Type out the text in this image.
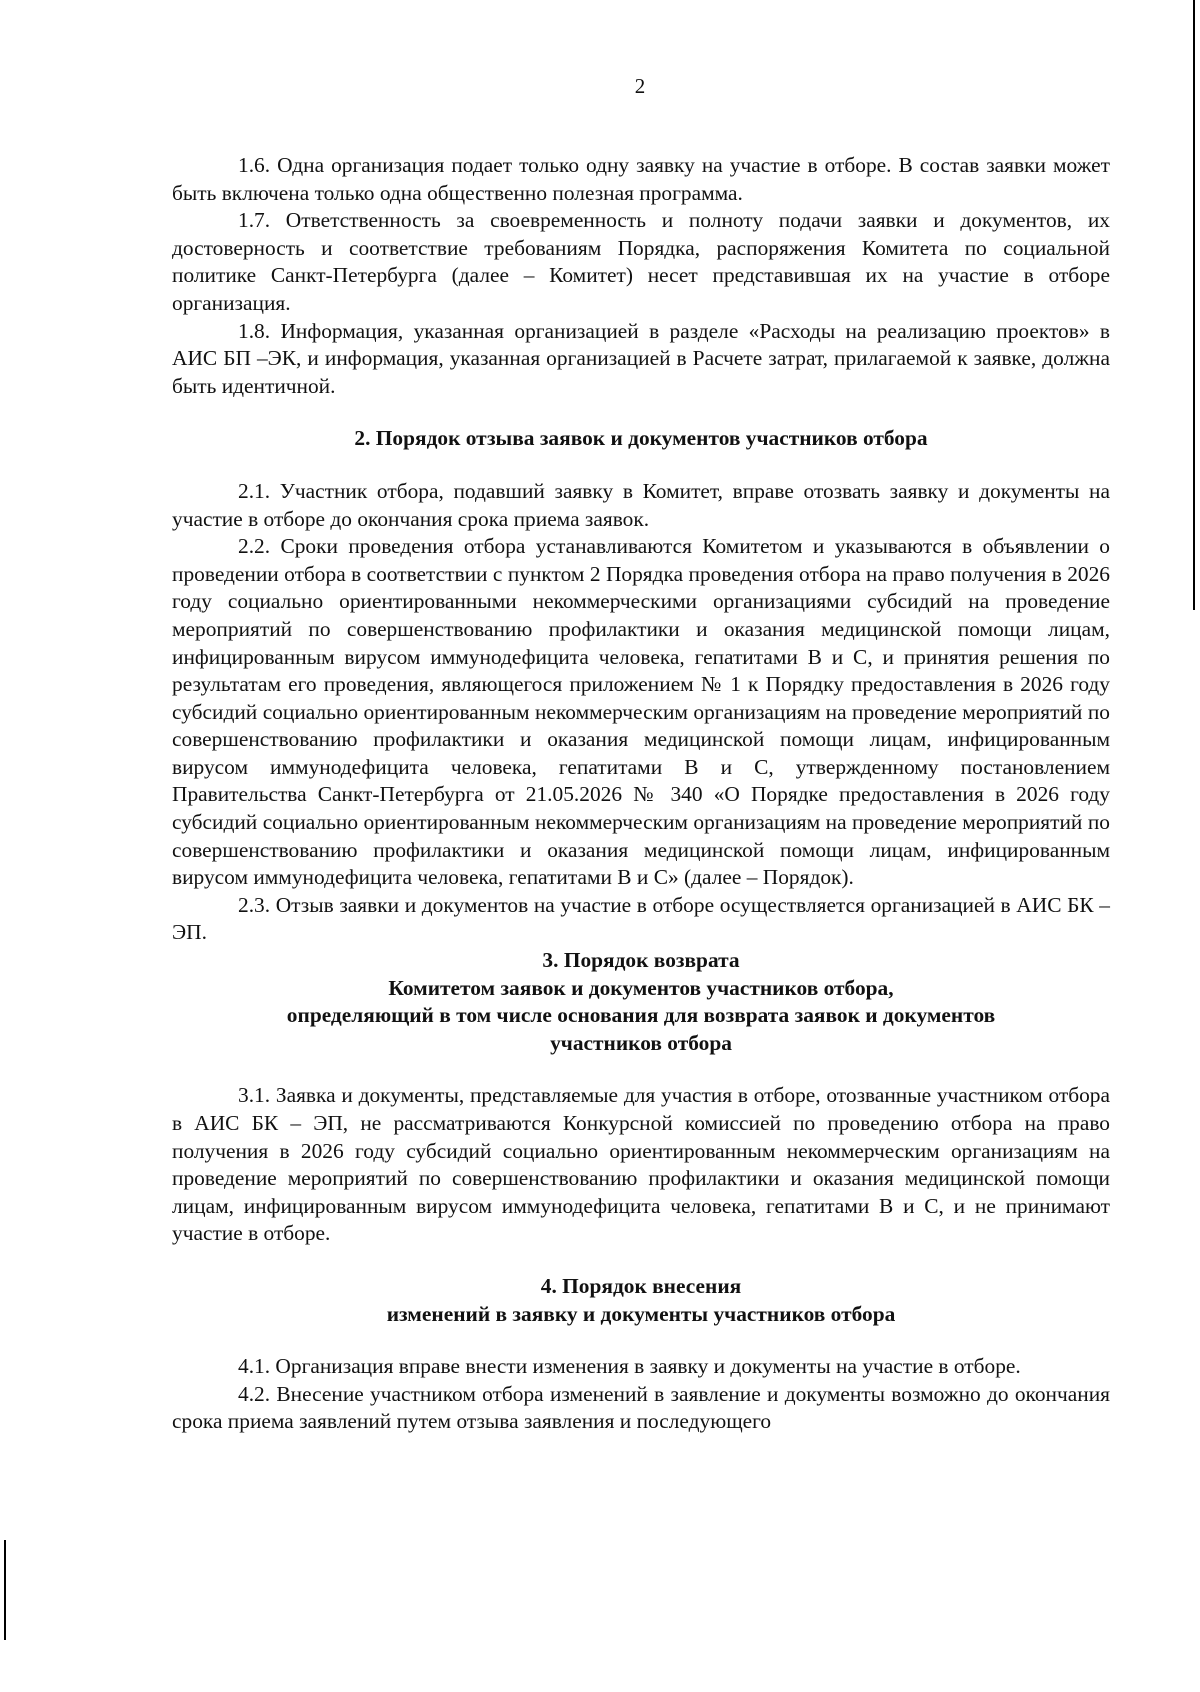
2

1.6. Одна организация подает только одну заявку на участие в отборе. В состав заявки может быть включена только одна общественно полезная программа.

1.7. Ответственность за своевременность и полноту подачи заявки и документов, их достоверность и соответствие требованиям Порядка, распоряжения Комитета по социальной политике Санкт-Петербурга (далее – Комитет) несет представившая их на участие в отборе организация.

1.8. Информация, указанная организацией в разделе «Расходы на реализацию проектов» в АИС БП –ЭК, и информация, указанная организацией в Расчете затрат, прилагаемой к заявке, должна быть идентичной.

2. Порядок отзыва заявок и документов участников отбора

2.1. Участник отбора, подавший заявку в Комитет, вправе отозвать заявку и документы на участие в отборе до окончания срока приема заявок.

2.2. Сроки проведения отбора устанавливаются Комитетом и указываются в объявлении о проведении отбора в соответствии с пунктом 2 Порядка проведения отбора на право получения в 2026 году социально ориентированными некоммерческими организациями субсидий на проведение мероприятий по совершенствованию профилактики и оказания медицинской помощи лицам, инфицированным вирусом иммунодефицита человека, гепатитами В и С, и принятия решения по результатам его проведения, являющегося приложением № 1 к Порядку предоставления в 2026 году субсидий социально ориентированным некоммерческим организациям на проведение мероприятий по совершенствованию профилактики и оказания медицинской помощи лицам, инфицированным вирусом иммунодефицита человека, гепатитами В и С, утвержденному постановлением Правительства Санкт-Петербурга от 21.05.2026 № 340 «О Порядке предоставления в 2026 году субсидий социально ориентированным некоммерческим организациям на проведение мероприятий по совершенствованию профилактики и оказания медицинской помощи лицам, инфицированным вирусом иммунодефицита человека, гепатитами В и С» (далее – Порядок).

2.3. Отзыв заявки и документов на участие в отборе осуществляется организацией в АИС БК – ЭП.

3. Порядок возврата
Комитетом заявок и документов участников отбора,
определяющий в том числе основания для возврата заявок и документов
участников отбора

3.1. Заявка и документы, представляемые для участия в отборе, отозванные участником отбора в АИС БК – ЭП, не рассматриваются Конкурсной комиссией по проведению отбора на право получения в 2026 году субсидий социально ориентированным некоммерческим организациям на проведение мероприятий по совершенствованию профилактики и оказания медицинской помощи лицам, инфицированным вирусом иммунодефицита человека, гепатитами В и С, и не принимают участие в отборе.

4. Порядок внесения
изменений в заявку и документы участников отбора

4.1. Организация вправе внести изменения в заявку и документы на участие в отборе.

4.2. Внесение участником отбора изменений в заявление и документы возможно до окончания срока приема заявлений путем отзыва заявления и последующего
